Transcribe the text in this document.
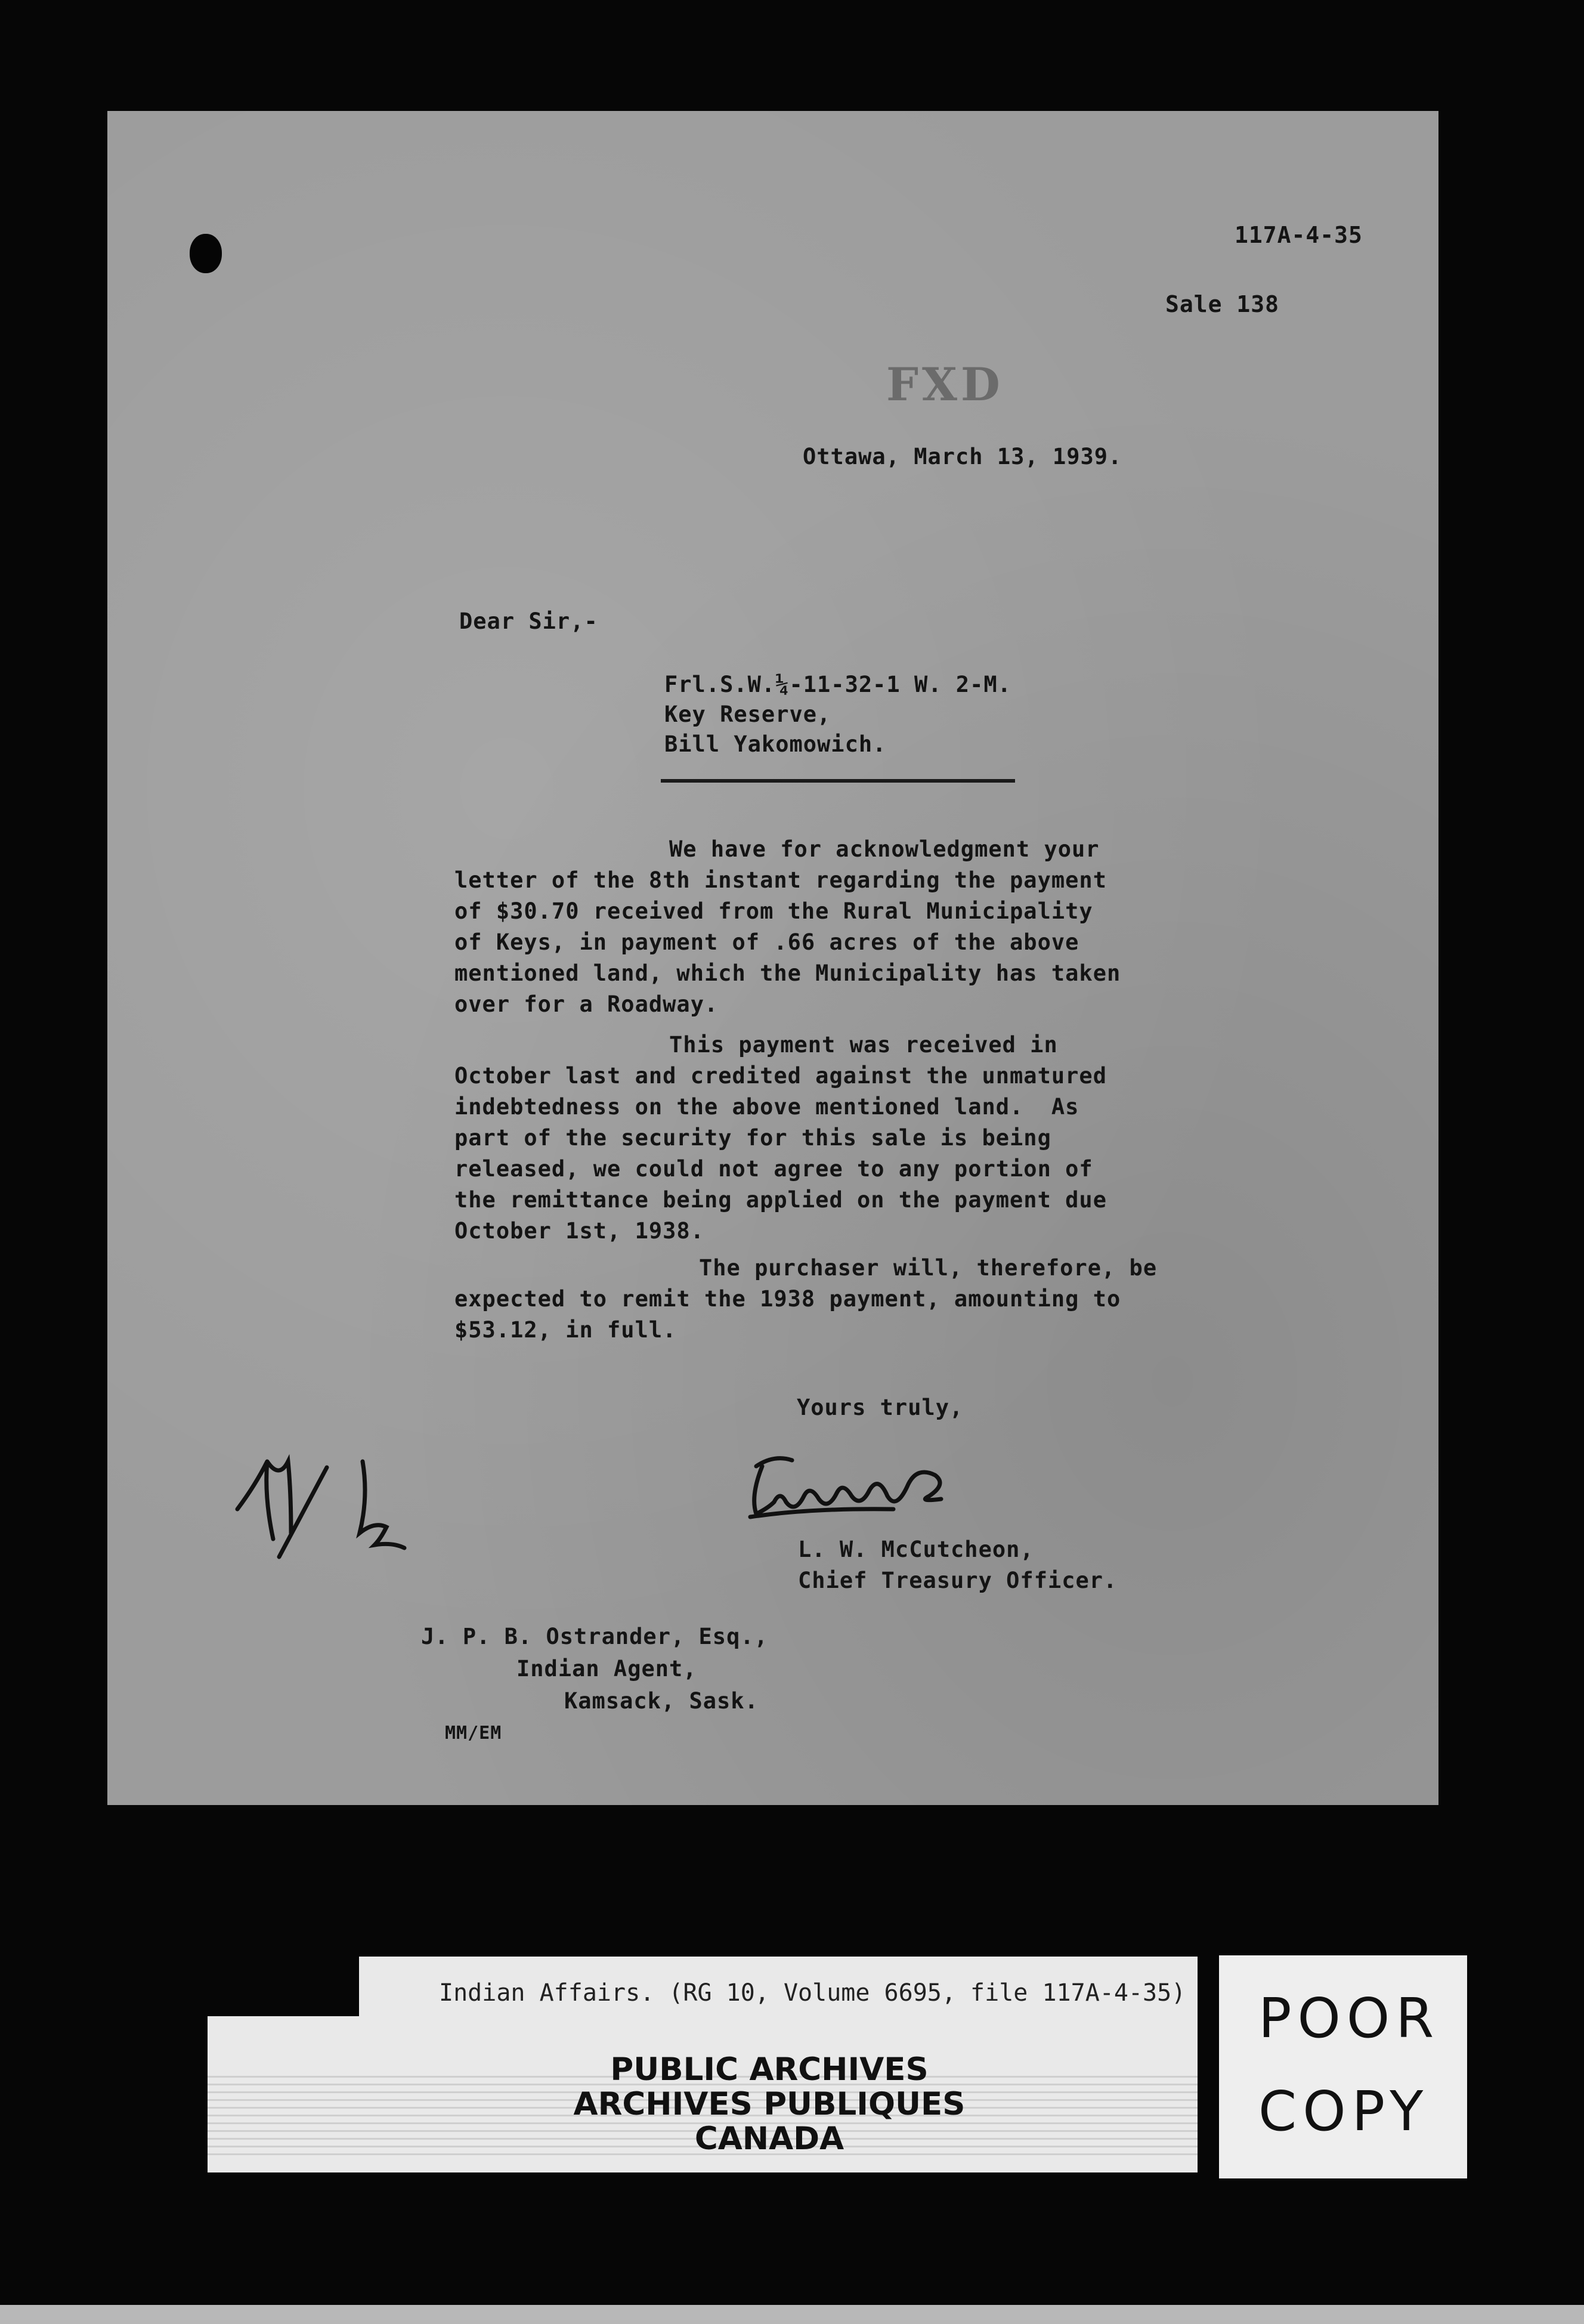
117A-4-35
Sale 138
FXD
Ottawa, March 13, 1939.
Dear Sir,-
Frl.S.W.¼-11-32-1 W. 2-M.
Key Reserve,
Bill Yakomowich.
We have for acknowledgment your
letter of the 8th instant regarding the payment
of $30.70 received from the Rural Municipality
of Keys, in payment of .66 acres of the above
mentioned land, which the Municipality has taken
over for a Roadway.
This payment was received in
October last and credited against the unmatured
indebtedness on the above mentioned land.  As
part of the security for this sale is being
released, we could not agree to any portion of
the remittance being applied on the payment due
October 1st, 1938.
The purchaser will, therefore, be
expected to remit the 1938 payment, amounting to
$53.12, in full.
Yours truly,
L. W. McCutcheon,
Chief Treasury Officer.
J. P. B. Ostrander, Esq.,
Indian Agent,
Kamsack, Sask.
MM/EM
Indian Affairs. (RG 10, Volume 6695, file 117A-4-35)
PUBLIC ARCHIVES
ARCHIVES PUBLIQUES
CANADA
POOR
COPY
